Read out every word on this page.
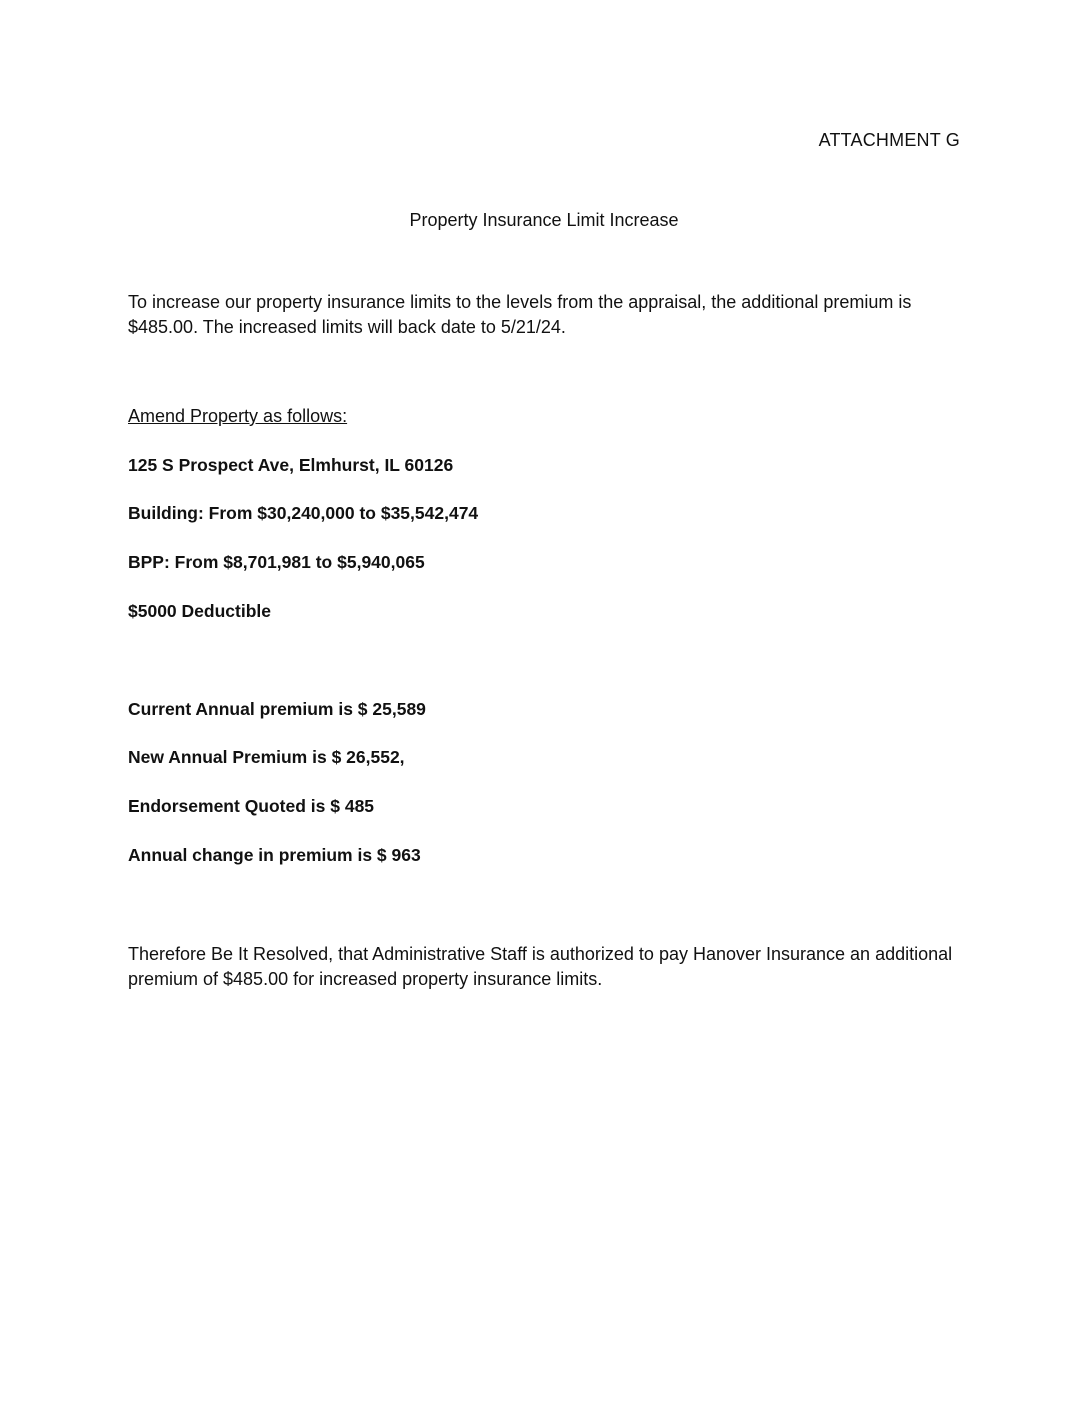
ATTACHMENT G
Property Insurance Limit Increase
To increase our property insurance limits to the levels from the appraisal, the additional premium is $485.00. The increased limits will back date to 5/21/24.
Amend Property as follows:
125 S Prospect Ave, Elmhurst, IL 60126
Building: From $30,240,000 to $35,542,474
BPP: From $8,701,981 to $5,940,065
$5000 Deductible
Current Annual premium is $ 25,589
New Annual Premium is $ 26,552,
Endorsement Quoted is $ 485
Annual change in premium is $ 963
Therefore Be It Resolved, that Administrative Staff is authorized to pay Hanover Insurance an additional premium of $485.00 for increased property insurance limits.
